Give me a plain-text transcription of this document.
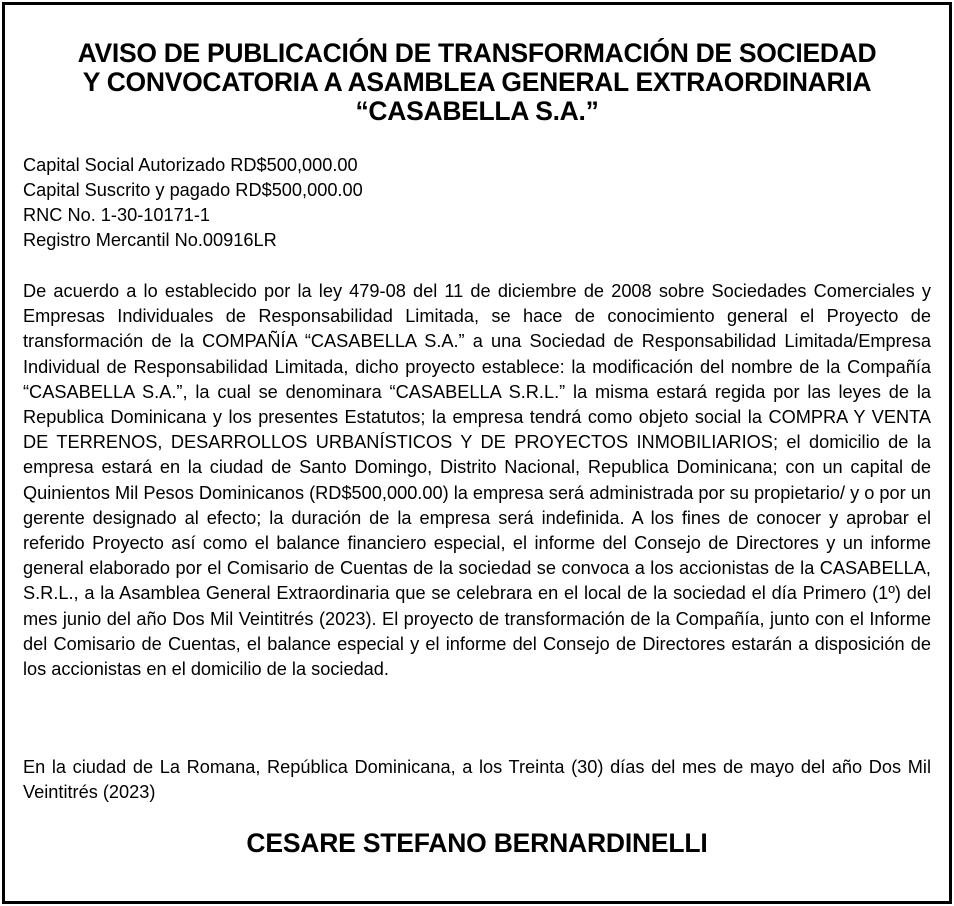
AVISO DE PUBLICACIÓN DE TRANSFORMACIÓN DE SOCIEDAD
Y CONVOCATORIA A ASAMBLEA GENERAL EXTRAORDINARIA
“CASABELLA S.A.”
Capital Social Autorizado RD$500,000.00
Capital Suscrito y pagado RD$500,000.00
RNC No. 1-30-10171-1
Registro Mercantil No.00916LR

De acuerdo a lo establecido por la ley 479-08 del 11 de diciembre de 2008 sobre Sociedades Comerciales y Empresas Individuales de Responsabilidad Limitada, se hace de conocimiento general el Proyecto de transformación de la COMPAÑÍA “CASABELLA S.A.” a una Sociedad de Responsabilidad Limitada/Empresa Individual de Responsabilidad Limitada, dicho proyecto establece: la modificación del nombre de la Compañía “CASABELLA S.A.”, la cual se denominara “CASABELLA S.R.L.” la misma estará regida por las leyes de la Republica Dominicana y los presentes Estatutos; la empresa tendrá como objeto social la COMPRA Y VENTA DE TERRENOS, DESARROLLOS URBANÍSTICOS Y DE PROYECTOS INMOBILIARIOS; el domicilio de la empresa estará en la ciudad de Santo Domingo, Distrito Nacional, Republica Dominicana; con un capital de Quinientos Mil Pesos Dominicanos (RD$500,000.00) la empresa será administrada por su propietario/ y o por un gerente designado al efecto; la duración de la empresa será indefinida. A los fines de conocer y aprobar el referido Proyecto así como el balance financiero especial, el informe del Consejo de Directores y un informe general elaborado por el Comisario de Cuentas de la sociedad se convoca a los accionistas de la CASABELLA, S.R.L., a la Asamblea General Extraordinaria que se celebrara en el local de la sociedad el día Primero (1º) del mes junio del año Dos Mil Veintitrés (2023). El proyecto de transformación de la Compañía, junto con el Informe del Comisario de Cuentas, el balance especial y el informe del Consejo de Directores estarán a disposición de los accionistas en el domicilio de la sociedad.

En la ciudad de La Romana, República Dominicana, a los Treinta (30) días del mes de mayo del año Dos Mil Veintitrés (2023)

CESARE STEFANO BERNARDINELLI
